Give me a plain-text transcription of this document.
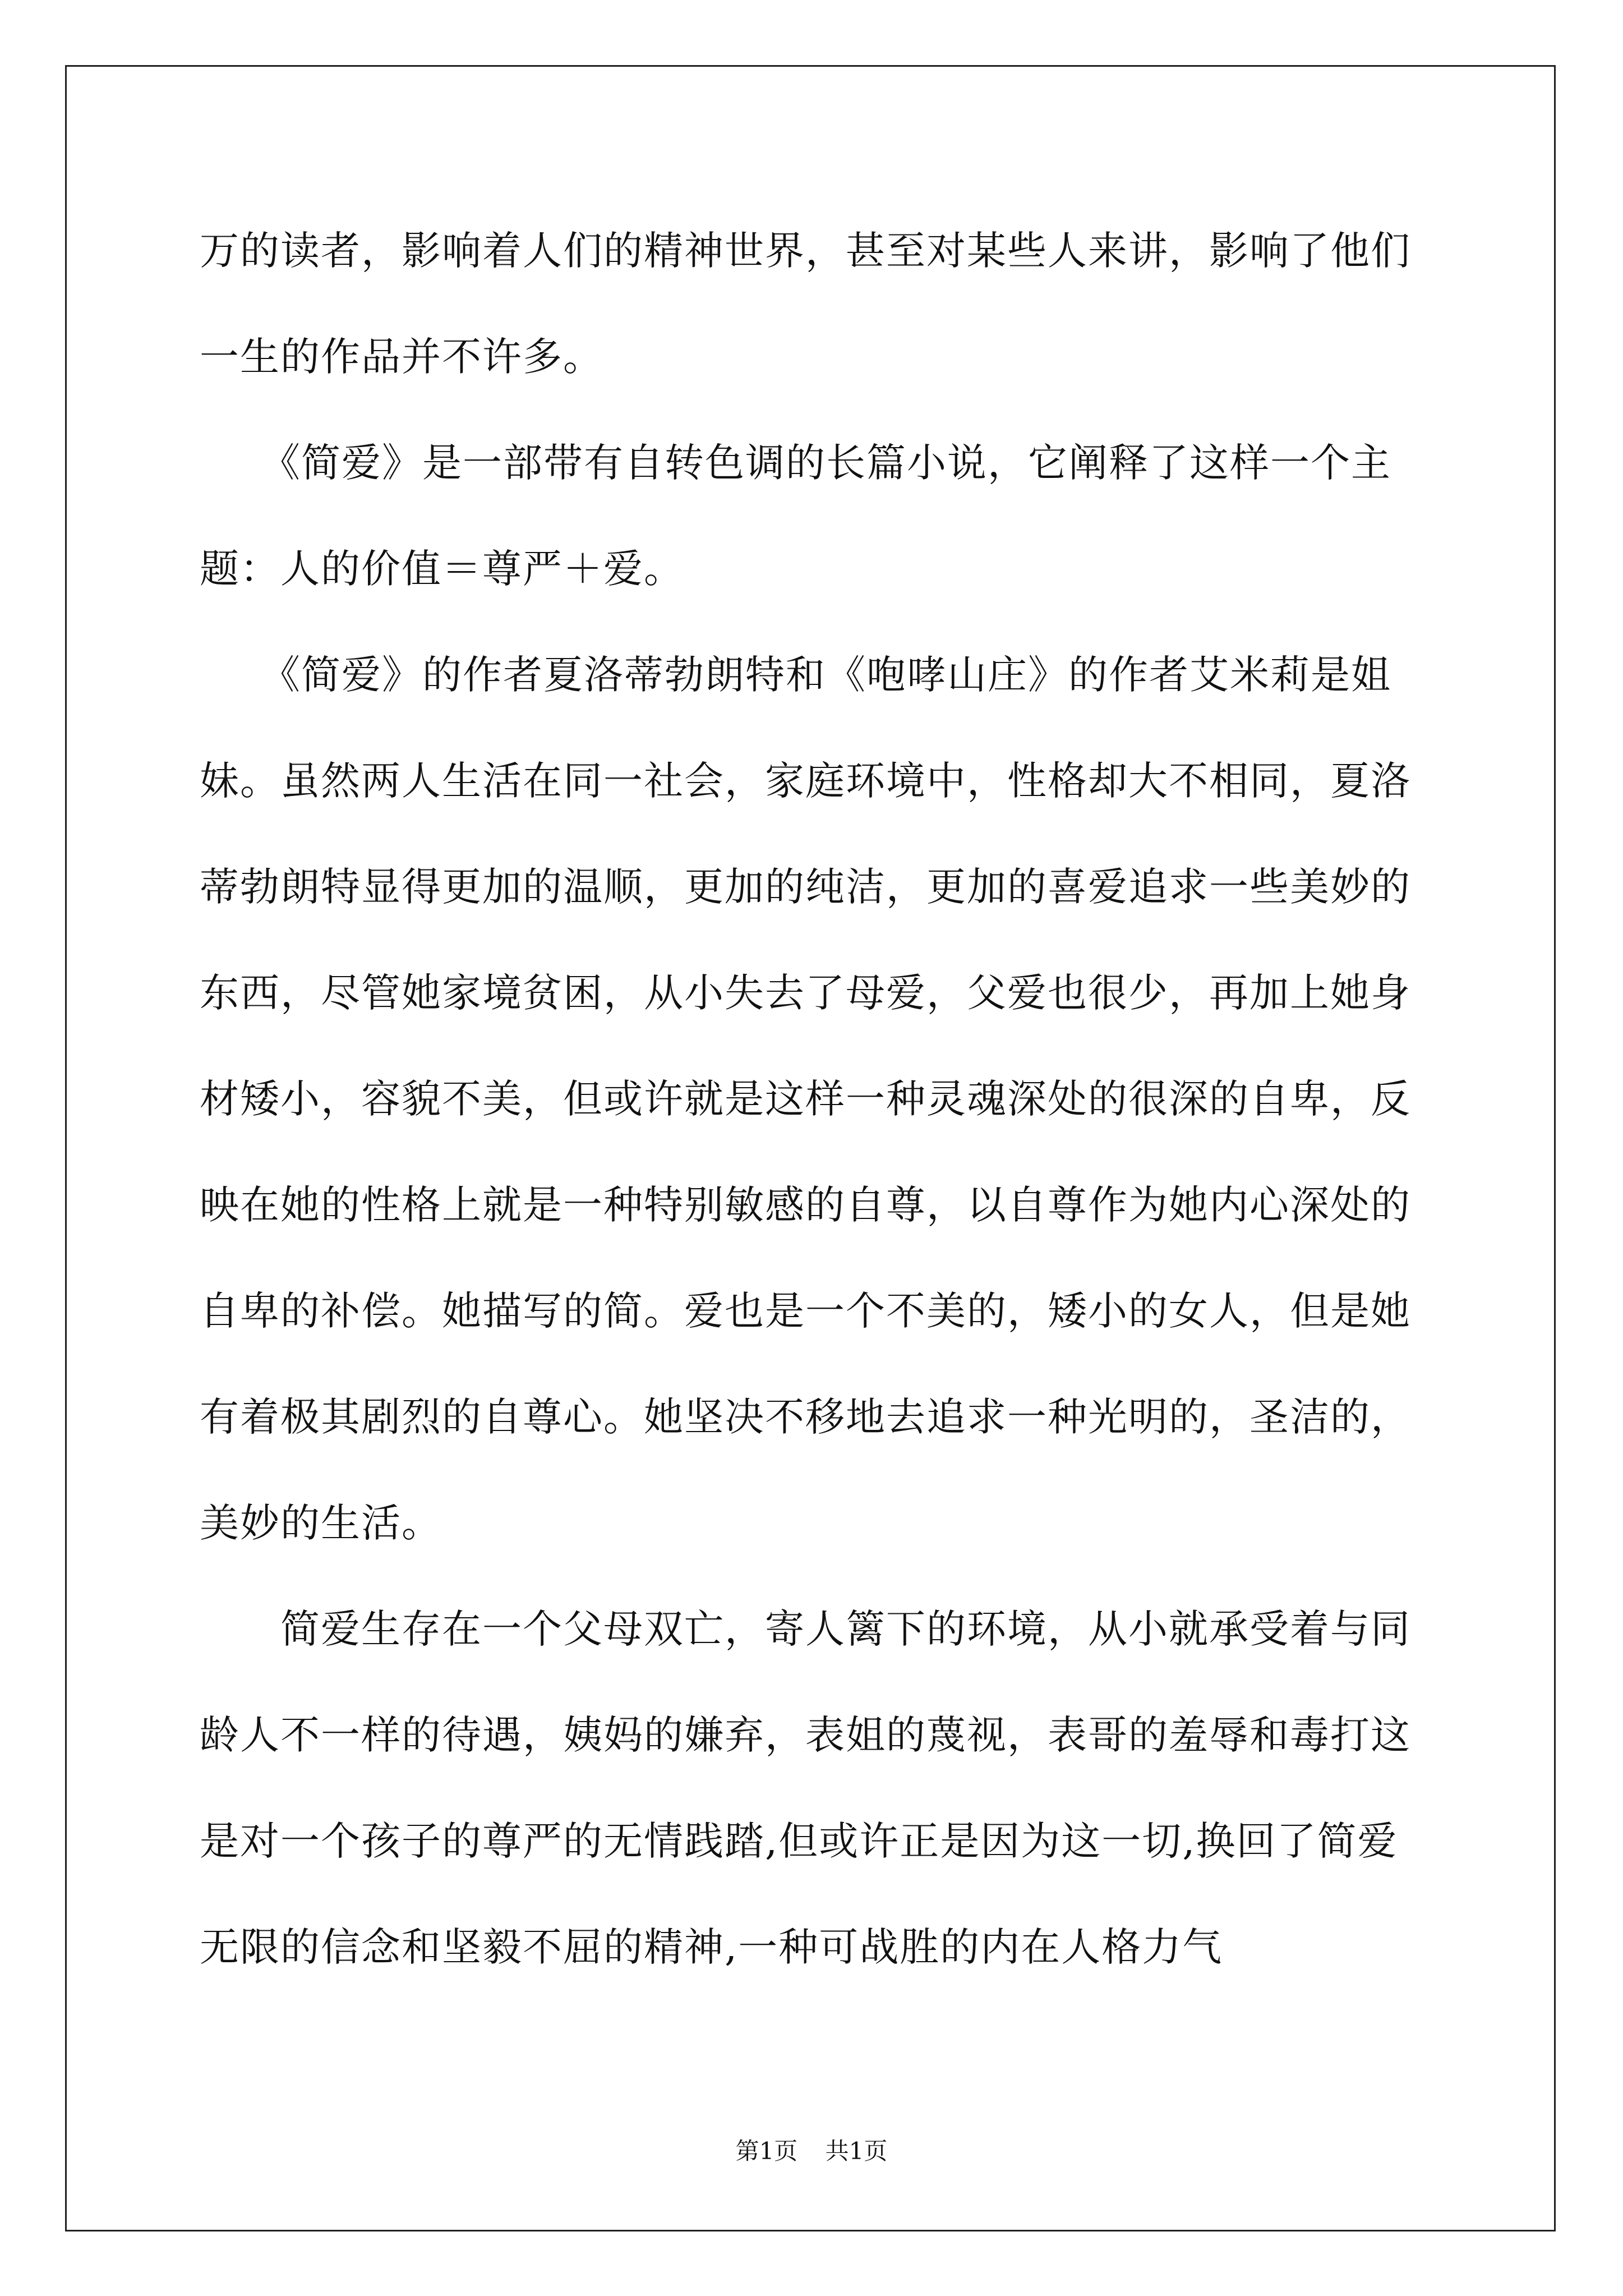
万的读者，影响着人们的精神世界，甚至对某些人来讲，影响了他们
一生的作品并不许多。
　　《简爱》是一部带有自转色调的长篇小说，它阐释了这样一个主
题：人的价值＝尊严＋爱。
　　《简爱》的作者夏洛蒂勃朗特和《咆哮山庄》的作者艾米莉是姐
妹。虽然两人生活在同一社会，家庭环境中，性格却大不相同，夏洛
蒂勃朗特显得更加的温顺，更加的纯洁，更加的喜爱追求一些美妙的
东西，尽管她家境贫困，从小失去了母爱，父爱也很少，再加上她身
材矮小，容貌不美，但或许就是这样一种灵魂深处的很深的自卑，反
映在她的性格上就是一种特别敏感的自尊，以自尊作为她内心深处的
自卑的补偿。她描写的简。爱也是一个不美的，矮小的女人，但是她
有着极其剧烈的自尊心。她坚决不移地去追求一种光明的，圣洁的，
美妙的生活。
　　简爱生存在一个父母双亡，寄人篱下的环境，从小就承受着与同
龄人不一样的待遇，姨妈的嫌弃，表姐的蔑视，表哥的羞辱和毒打这
是对一个孩子的尊严的无情践踏,但或许正是因为这一切,换回了简爱
无限的信念和坚毅不屈的精神,一种可战胜的内在人格力气
第1页 共1页
